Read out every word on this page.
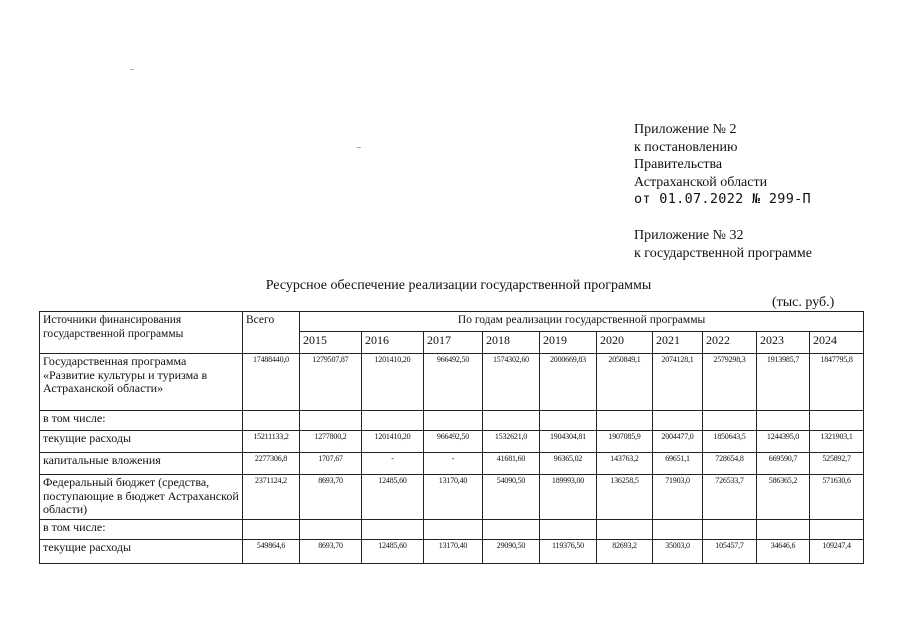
Приложение № 2
к постановлению
Правительства
Астраханской области
от 01.07.2022 № 299-П
Приложение № 32
к государственной программе
Ресурсное обеспечение реализации государственной программы
(тыс. руб.)
Источники финансирования государственной программы	Всего	По годам реализации государственной программы									
		2015	2016	2017	2018	2019	2020	2021	2022	2023	2024
Государственная программа «Развитие культуры и туризма в Астраханской области»	17488440,0	1279507,87	1201410,20	966492,50	1574302,60	2000669,83	2050849,1	2074128,1	2579298,3	1913985,7	1847795,8
в том числе:											
текущие расходы	15211133,2	1277800,2	1201410,20	966492,50	1532621,0	1904304,81	1907085,9	2004477,0	1850643,5	1244395,0	1321903,1
капитальные вложения	2277306,8	1707,67	-	-	41681,60	96365,02	143763,2	69651,1	728654,8	669590,7	525892,7
Федеральный бюджет (средства, поступающие в бюджет Астраханской области)	2371124,2	8693,70	12485,60	13170,40	54090,50	189993,00	136258,5	71903,0	726533,7	586365,2	571630,6
в том числе:											
текущие расходы	549864,6	8693,70	12485,60	13170,40	29090,50	119376,50	82693,2	35003,0	105457,7	34646,6	109247,4
